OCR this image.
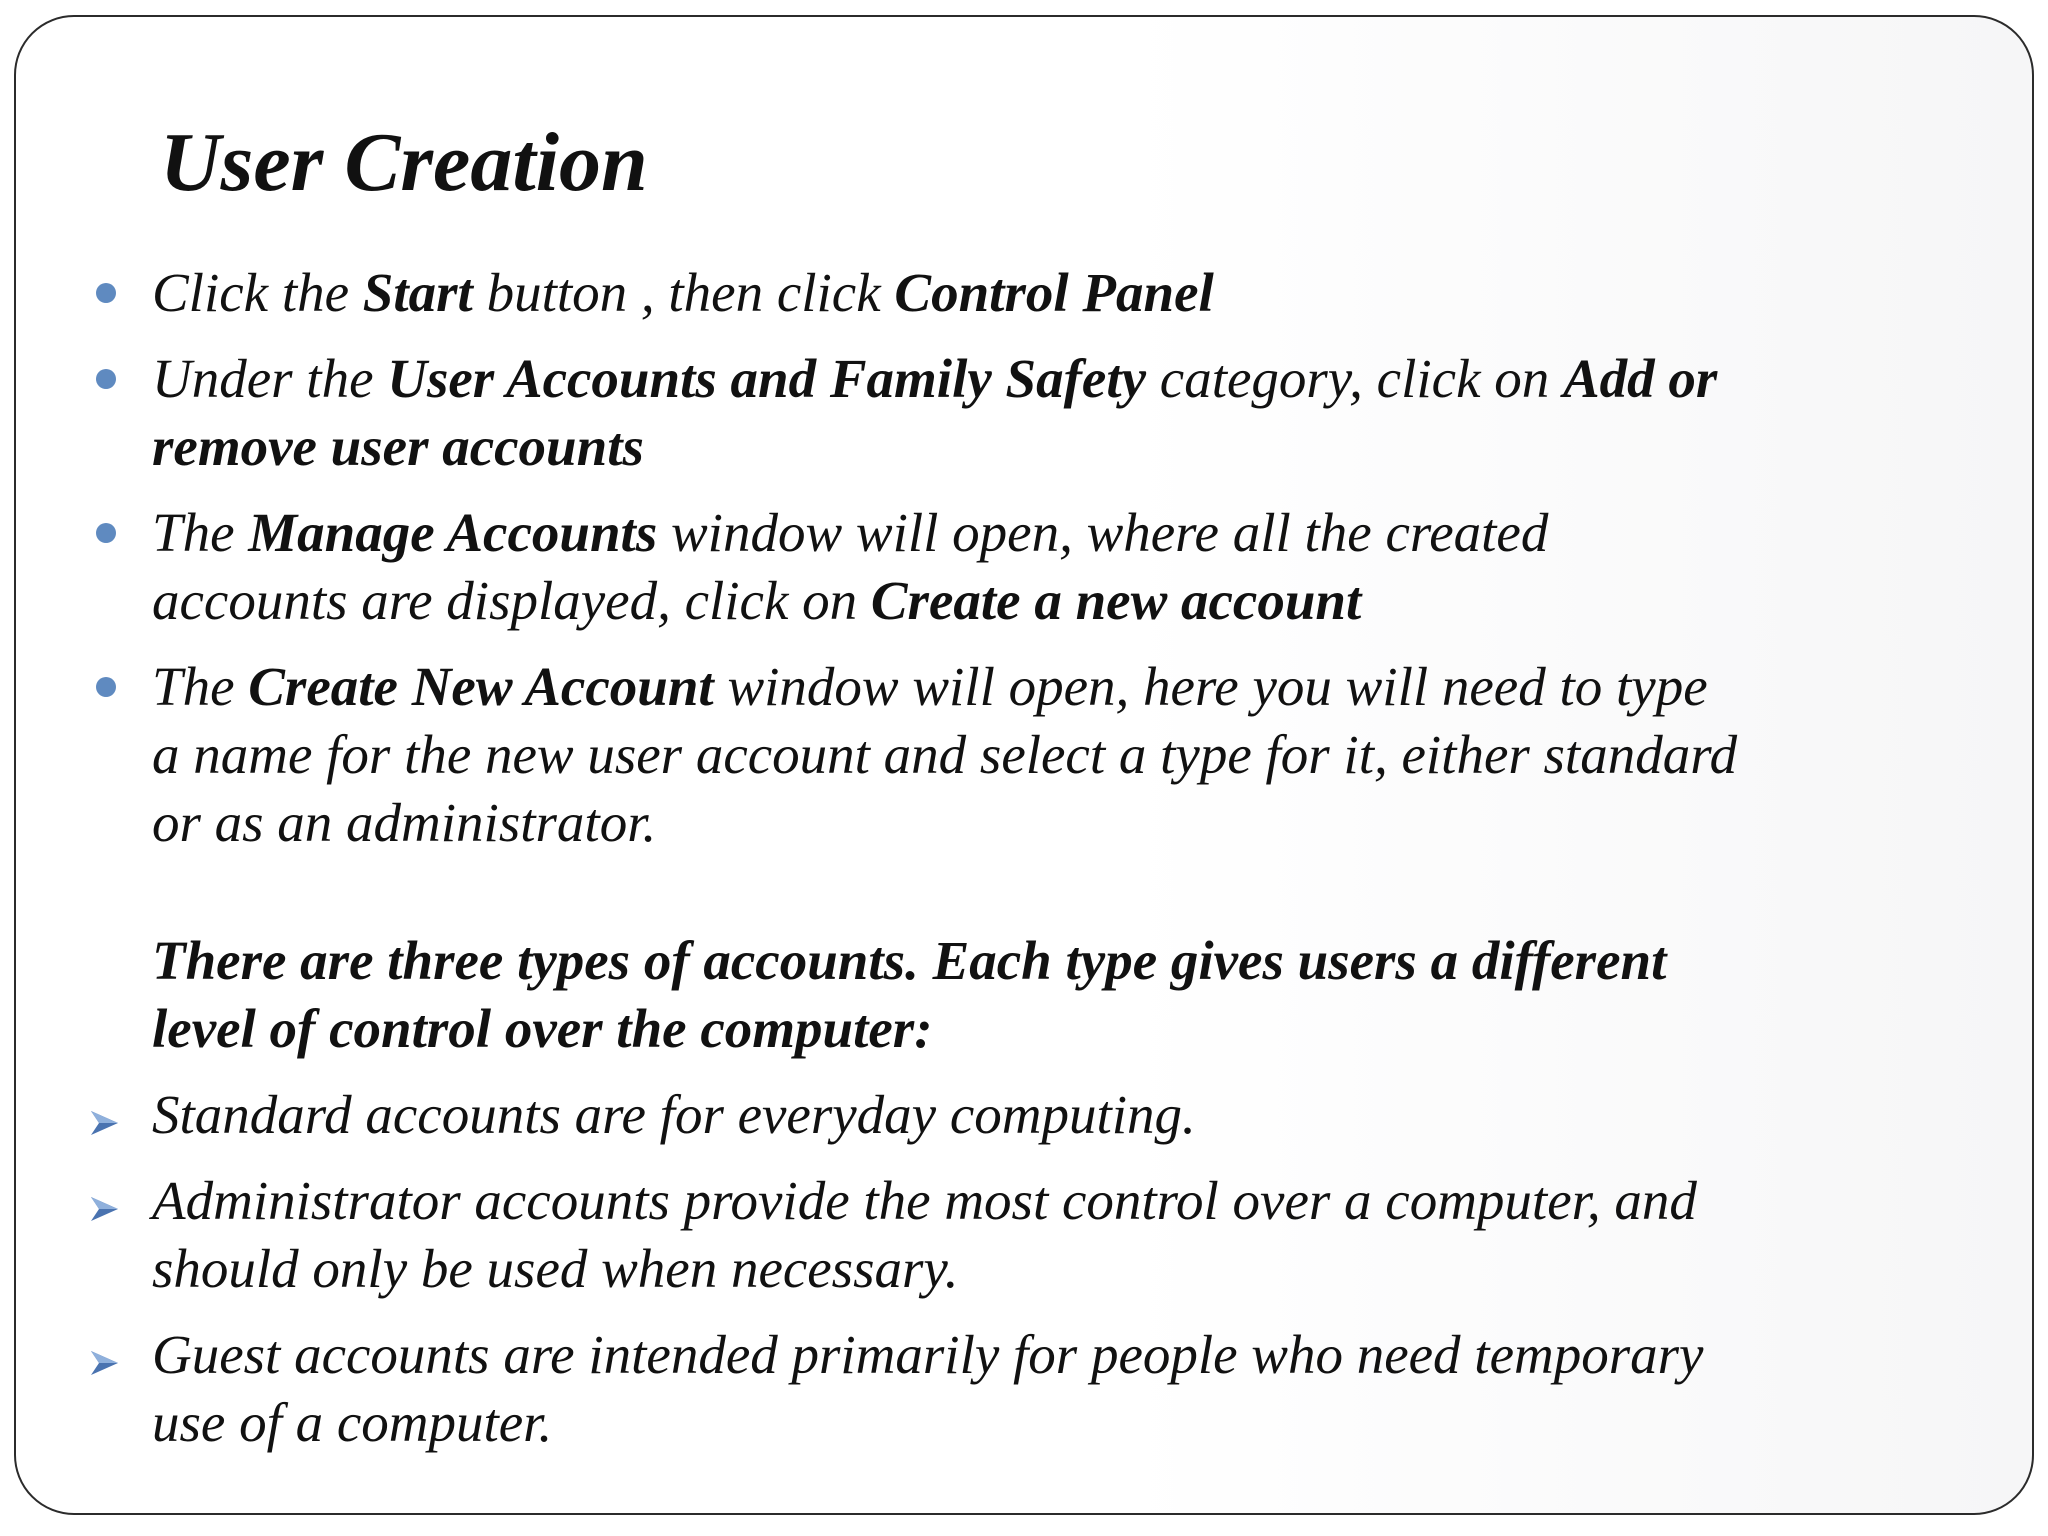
User Creation
Click the Start button , then click Control Panel
Under the User Accounts and Family Safety category, click on Add or
remove user accounts
The Manage Accounts window will open, where all the created
accounts are displayed, click on Create a new account
The Create New Account window will open, here you will need to type
a name for the new user account and select a type for it, either standard
or as an administrator.
There are three types of accounts. Each type gives users a different
level of control over the computer:
Standard accounts are for everyday computing.
Administrator accounts provide the most control over a computer, and
should only be used when necessary.
Guest accounts are intended primarily for people who need temporary
use of a computer.
